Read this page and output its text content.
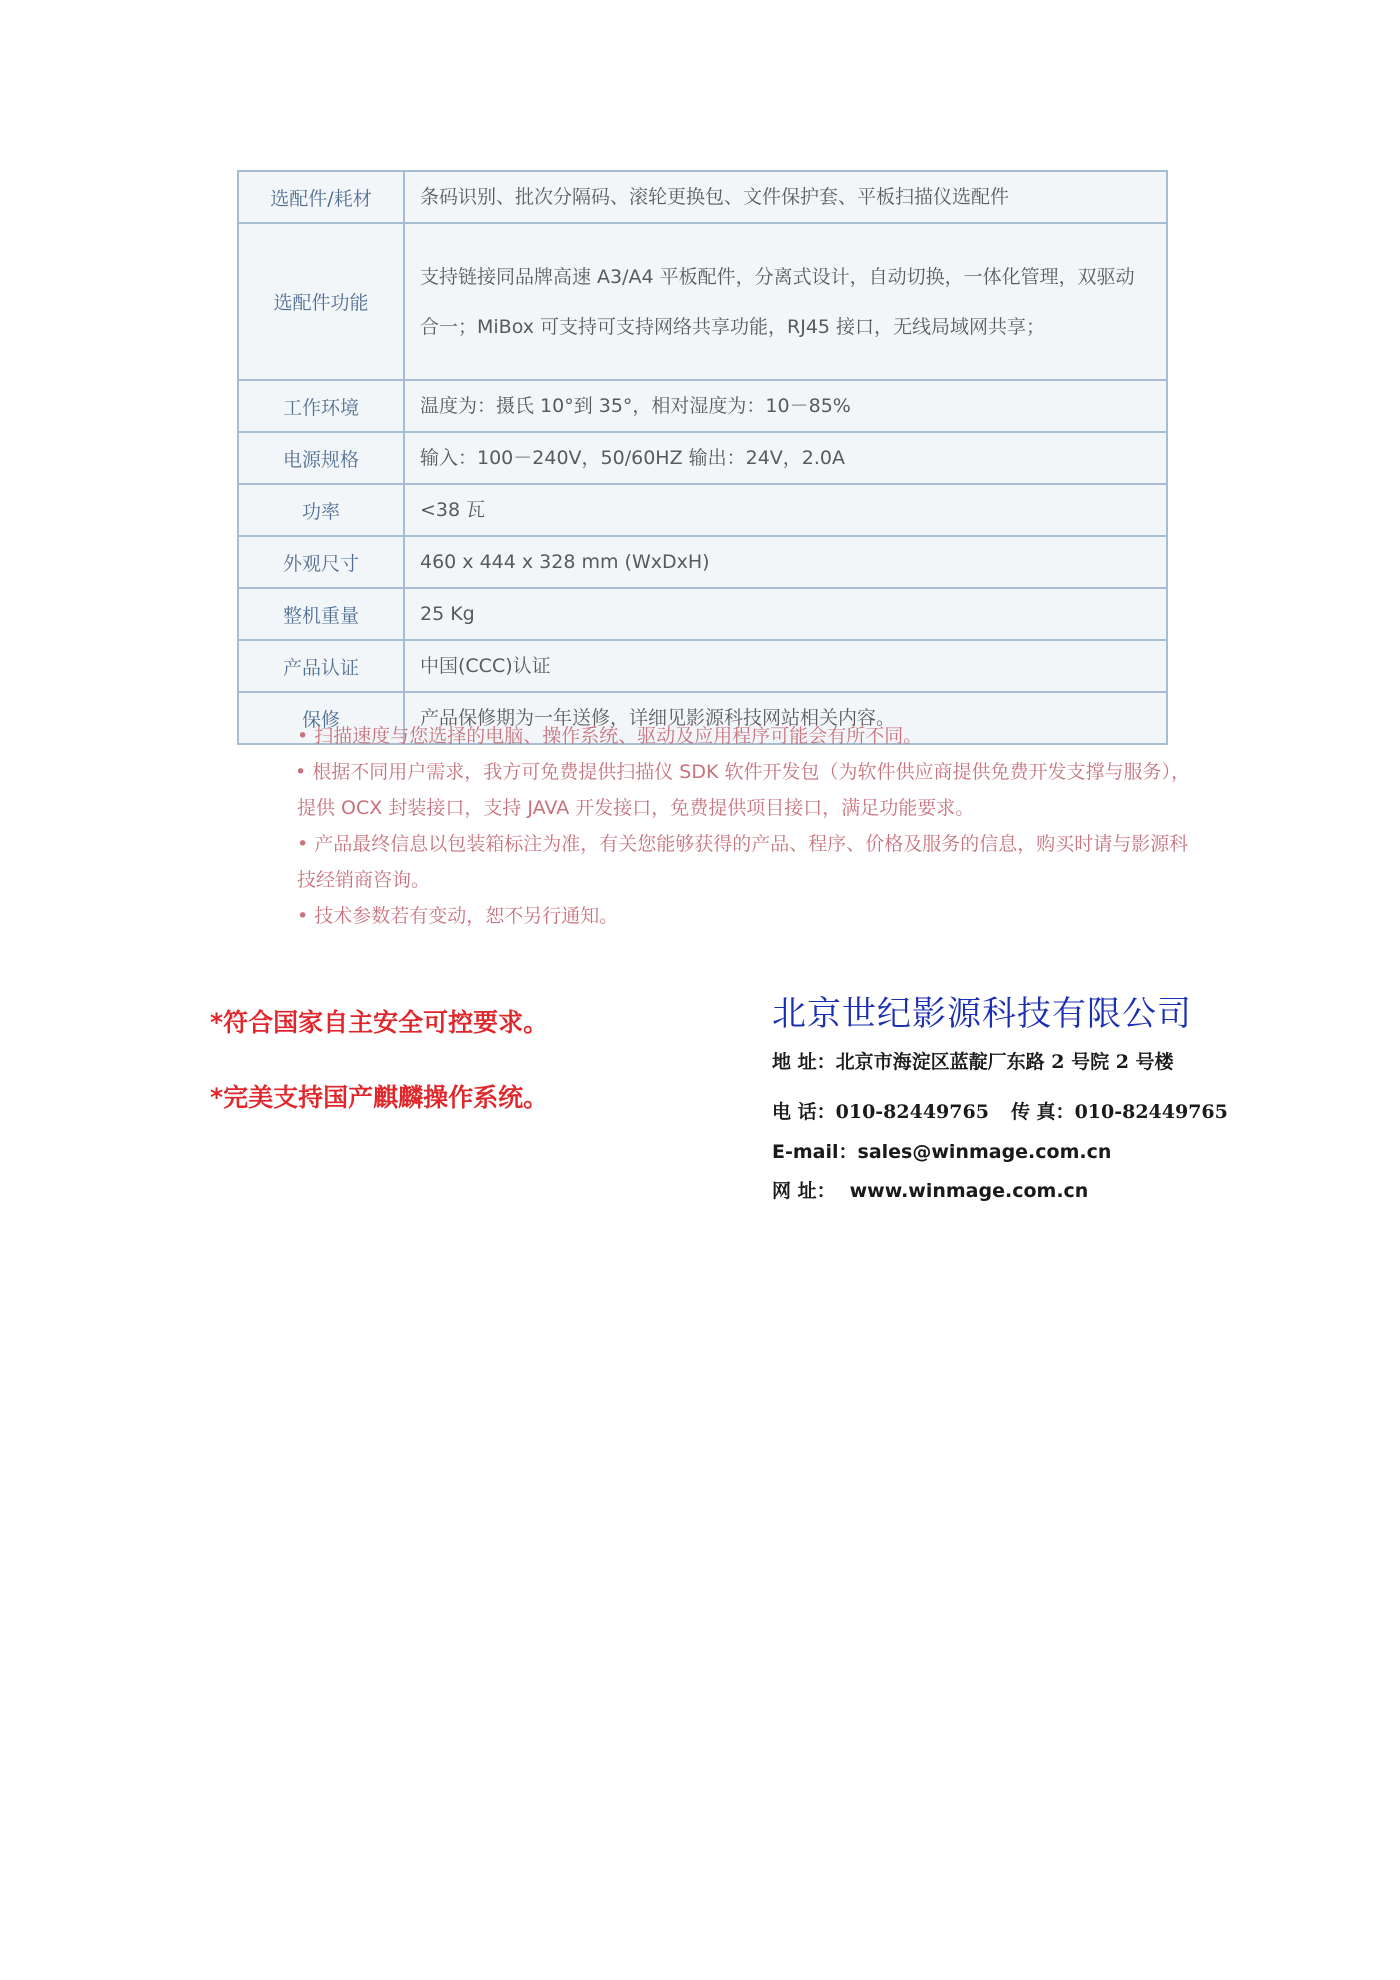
选配件/耗材	条码识别、批次分隔码、滚轮更换包、文件保护套、平板扫描仪选配件
选配件功能	支持链接同品牌高速 A3/A4 平板配件，分离式设计，自动切换，一体化管理，双驱动合一；MiBox 可支持可支持网络共享功能，RJ45 接口，无线局域网共享；
工作环境	温度为：摄氏 10°到 35°，相对湿度为：10－85%
电源规格	输入：100－240V，50/60HZ 输出：24V，2.0A
功率	<38 瓦
外观尺寸	460 x 444 x 328 mm (WxDxH)
整机重量	25 Kg
产品认证	中国(CCC)认证
保修	产品保修期为一年送修，详细见影源科技网站相关内容。
• 扫描速度与您选择的电脑、操作系统、驱动及应用程序可能会有所不同。
• 根据不同用户需求，我方可免费提供扫描仪 SDK 软件开发包（为软件供应商提供免费开发支撑与服务），提供 OCX 封装接口，支持 JAVA 开发接口，免费提供项目接口，满足功能要求。
• 产品最终信息以包装箱标注为准，有关您能够获得的产品、程序、价格及服务的信息，购买时请与影源科技经销商咨询。
• 技术参数若有变动，恕不另行通知。
*符合国家自主安全可控要求。
*完美支持国产麒麟操作系统。
北京世纪影源科技有限公司
地 址：北京市海淀区蓝靛厂东路 2 号院 2 号楼
电 话：010-82449765 传 真：010-82449765
E-mail：sales@winmage.com.cn
网 址： www.winmage.com.cn
